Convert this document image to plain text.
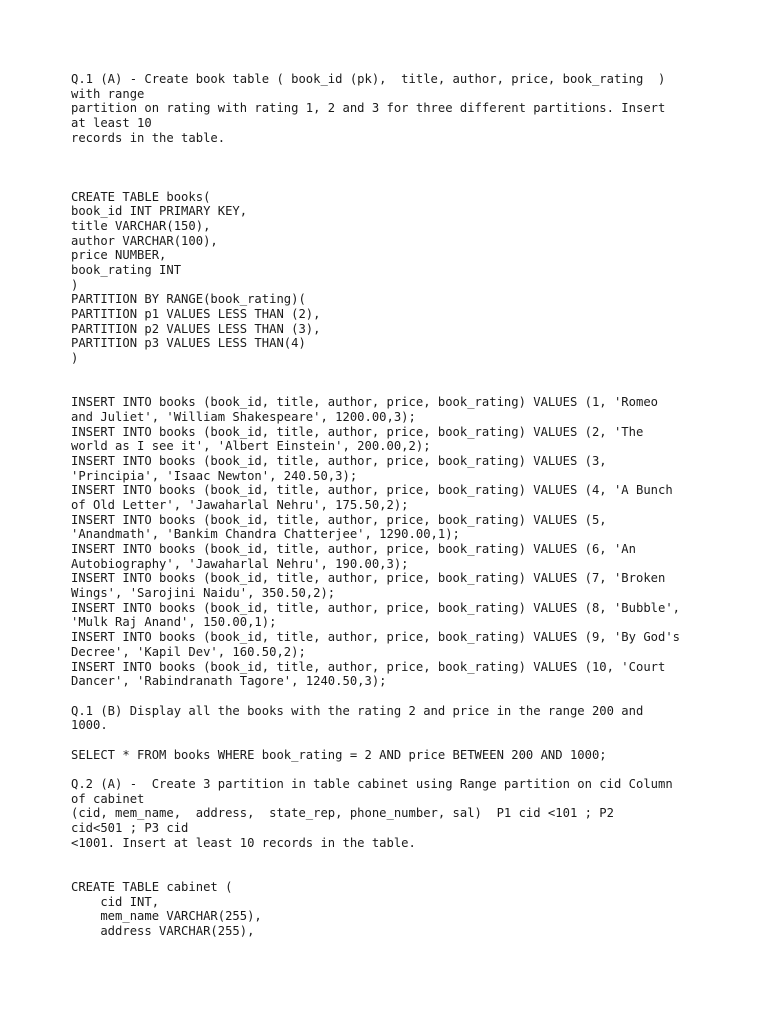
Q.1 (A) - Create book table ( book_id (pk),  title, author, price, book_rating  )
with range
partition on rating with rating 1, 2 and 3 for three different partitions. Insert
at least 10
records in the table.
CREATE TABLE books(
book_id INT PRIMARY KEY,
title VARCHAR(150),
author VARCHAR(100),
price NUMBER,
book_rating INT
)
PARTITION BY RANGE(book_rating)(
PARTITION p1 VALUES LESS THAN (2),
PARTITION p2 VALUES LESS THAN (3),
PARTITION p3 VALUES LESS THAN(4)
)
INSERT INTO books (book_id, title, author, price, book_rating) VALUES (1, 'Romeo
and Juliet', 'William Shakespeare', 1200.00,3);
INSERT INTO books (book_id, title, author, price, book_rating) VALUES (2, 'The
world as I see it', 'Albert Einstein', 200.00,2);
INSERT INTO books (book_id, title, author, price, book_rating) VALUES (3,
'Principia', 'Isaac Newton', 240.50,3);
INSERT INTO books (book_id, title, author, price, book_rating) VALUES (4, 'A Bunch
of Old Letter', 'Jawaharlal Nehru', 175.50,2);
INSERT INTO books (book_id, title, author, price, book_rating) VALUES (5,
'Anandmath', 'Bankim Chandra Chatterjee', 1290.00,1);
INSERT INTO books (book_id, title, author, price, book_rating) VALUES (6, 'An
Autobiography', 'Jawaharlal Nehru', 190.00,3);
INSERT INTO books (book_id, title, author, price, book_rating) VALUES (7, 'Broken
Wings', 'Sarojini Naidu', 350.50,2);
INSERT INTO books (book_id, title, author, price, book_rating) VALUES (8, 'Bubble',
'Mulk Raj Anand', 150.00,1);
INSERT INTO books (book_id, title, author, price, book_rating) VALUES (9, 'By God's
Decree', 'Kapil Dev', 160.50,2);
INSERT INTO books (book_id, title, author, price, book_rating) VALUES (10, 'Court
Dancer', 'Rabindranath Tagore', 1240.50,3);
Q.1 (B) Display all the books with the rating 2 and price in the range 200 and
1000.
SELECT * FROM books WHERE book_rating = 2 AND price BETWEEN 200 AND 1000;
Q.2 (A) -  Create 3 partition in table cabinet using Range partition on cid Column
of cabinet
(cid, mem_name,  address,  state_rep, phone_number, sal)  P1 cid <101 ; P2
cid<501 ; P3 cid
<1001. Insert at least 10 records in the table.
CREATE TABLE cabinet (
cid INT,
mem_name VARCHAR(255),
address VARCHAR(255),
